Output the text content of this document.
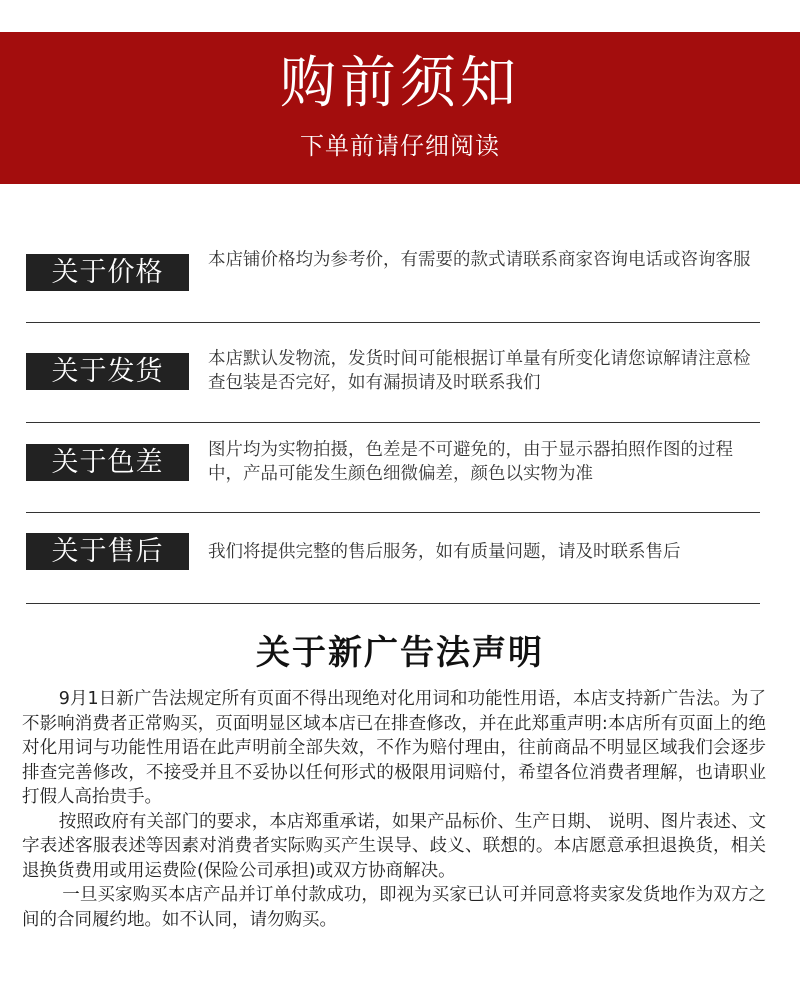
购前须知
下单前请仔细阅读
关于价格	本店铺价格均为参考价，有需要的款式请联系商家咨询电话或咨询客服
关于发货	本店默认发物流，发货时间可能根据订单量有所变化请您谅解请注意检查包装是否完好，如有漏损请及时联系我们
关于色差	图片均为实物拍摄，色差是不可避免的，由于显示器拍照作图的过程中，产品可能发生颜色细微偏差，颜色以实物为准
关于售后	我们将提供完整的售后服务，如有质量问题，请及时联系售后
关于新广告法声明

9月1日新广告法规定所有页面不得出现绝对化用词和功能性用语，本店支持新广告法。为了不影响消费者正常购买，页面明显区域本店已在排查修改，并在此郑重声明:本店所有页面上的绝对化用词与功能性用语在此声明前全部失效，不作为赔付理由，往前商品不明显区域我们会逐步排查完善修改，不接受并且不妥协以任何形式的极限用词赔付，希望各位消费者理解，也请职业打假人高抬贵手。

按照政府有关部门的要求，本店郑重承诺，如果产品标价、生产日期、 说明、图片表述、文字表述客服表述等因素对消费者实际购买产生误导、歧义、联想的。本店愿意承担退换货，相关退换货费用或用运费险(保险公司承担)或双方协商解决。

一旦买家购买本店产品并订单付款成功，即视为买家已认可并同意将卖家发货地作为双方之间的合同履约地。如不认同，请勿购买。
